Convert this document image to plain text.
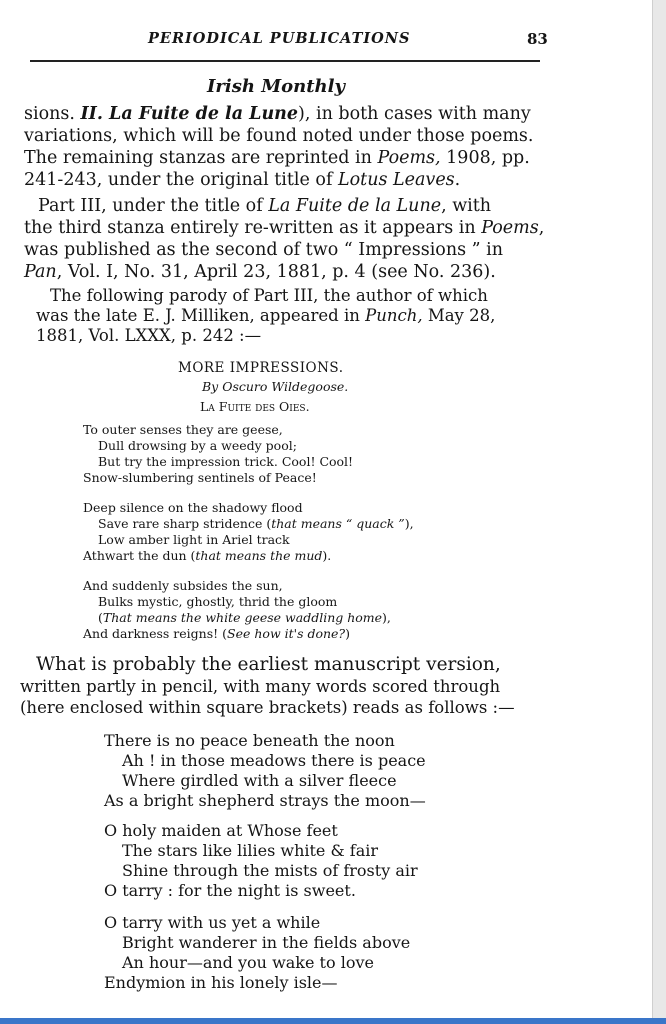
PERIODICAL PUBLICATIONS	83
Irish Monthly
sions. II. La Fuite de la Lune), in both cases with many
variations, which will be found noted under those poems.
The remaining stanzas are reprinted in Poems, 1908, pp.
241-243, under the original title of Lotus Leaves.
Part III, under the title of La Fuite de la Lune, with
the third stanza entirely re-written as it appears in Poems,
was published as the second of two “ Impressions ” in
Pan, Vol. I, No. 31, April 23, 1881, p. 4 (see No. 236).
The following parody of Part III, the author of which
was the late E. J. Milliken, appeared in Punch, May 28,
1881, Vol. LXXX, p. 242 :—
MORE IMPRESSIONS.
By Oscuro Wildegoose.
La Fuite des Oies.
To outer senses they are geese,
Dull drowsing by a weedy pool;
But try the impression trick. Cool! Cool!
Snow-slumbering sentinels of Peace!
Deep silence on the shadowy flood
Save rare sharp stridence (that means “ quack ”),
Low amber light in Ariel track
Athwart the dun (that means the mud).
And suddenly subsides the sun,
Bulks mystic, ghostly, thrid the gloom
(That means the white geese waddling home),
And darkness reigns! (See how it's done?)
What is probably the earliest manuscript version,
written partly in pencil, with many words scored through
(here enclosed within square brackets) reads as follows :—
There is no peace beneath the noon
Ah ! in those meadows there is peace
Where girdled with a silver fleece
As a bright shepherd strays the moon—
O holy maiden at Whose feet
The stars like lilies white & fair
Shine through the mists of frosty air
O tarry : for the night is sweet.
O tarry with us yet a while
Bright wanderer in the fields above
An hour—and you wake to love
Endymion in his lonely isle—
